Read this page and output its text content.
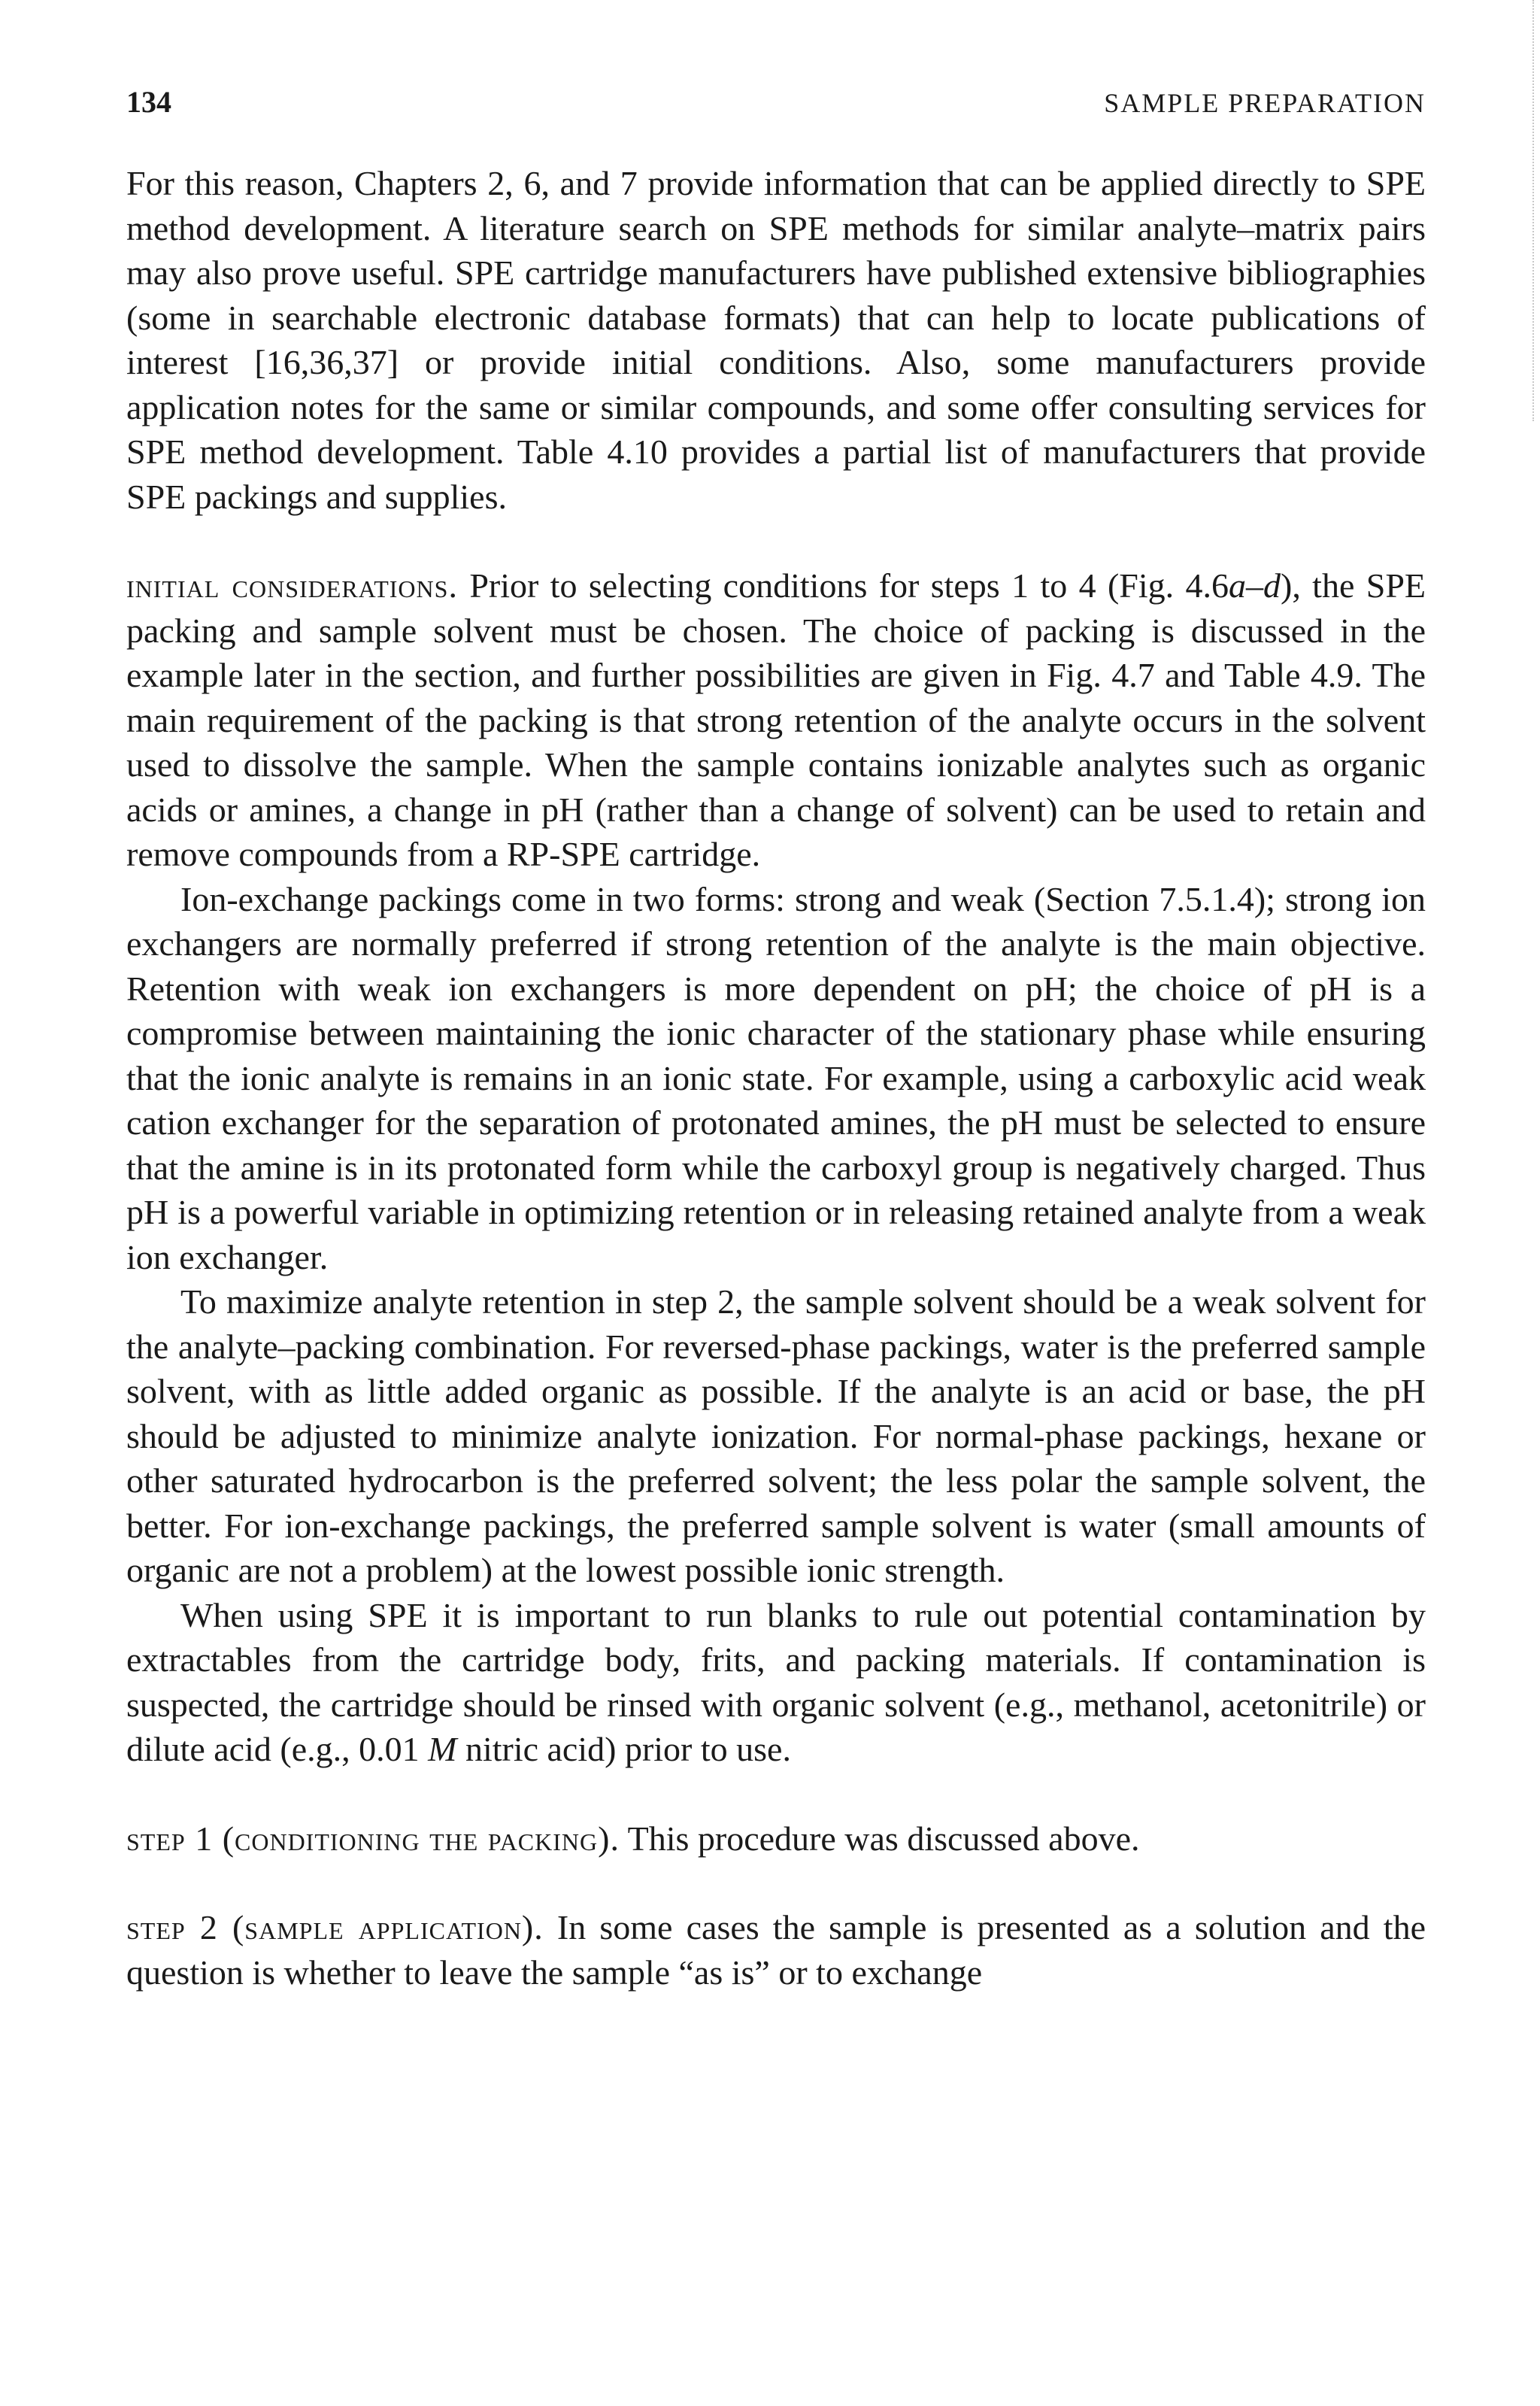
134	SAMPLE PREPARATION

For this reason, Chapters 2, 6, and 7 provide information that can be applied directly to SPE method development. A literature search on SPE methods for similar analyte–matrix pairs may also prove useful. SPE cartridge manufacturers have published extensive bibliographies (some in searchable electronic database formats) that can help to locate publications of interest [16,36,37] or provide initial conditions. Also, some manufacturers provide application notes for the same or similar compounds, and some offer consulting services for SPE method development. Table 4.10 provides a partial list of manufacturers that provide SPE packings and supplies.

initial considerations. Prior to selecting conditions for steps 1 to 4 (Fig. 4.6a–d), the SPE packing and sample solvent must be chosen. The choice of packing is discussed in the example later in the section, and further possibilities are given in Fig. 4.7 and Table 4.9. The main requirement of the packing is that strong retention of the analyte occurs in the solvent used to dissolve the sample. When the sample contains ionizable analytes such as organic acids or amines, a change in pH (rather than a change of solvent) can be used to retain and remove compounds from a RP-SPE cartridge.

Ion-exchange packings come in two forms: strong and weak (Section 7.5.1.4); strong ion exchangers are normally preferred if strong retention of the analyte is the main objective. Retention with weak ion exchangers is more dependent on pH; the choice of pH is a compromise between maintaining the ionic character of the stationary phase while ensuring that the ionic analyte is remains in an ionic state. For example, using a carboxylic acid weak cation exchanger for the separation of protonated amines, the pH must be selected to ensure that the amine is in its protonated form while the carboxyl group is negatively charged. Thus pH is a powerful variable in optimizing retention or in releasing retained analyte from a weak ion exchanger.

To maximize analyte retention in step 2, the sample solvent should be a weak solvent for the analyte–packing combination. For reversed-phase packings, water is the preferred sample solvent, with as little added organic as possible. If the analyte is an acid or base, the pH should be adjusted to minimize analyte ionization. For normal-phase packings, hexane or other saturated hydrocarbon is the preferred solvent; the less polar the sample solvent, the better. For ion-exchange packings, the preferred sample solvent is water (small amounts of organic are not a problem) at the lowest possible ionic strength.

When using SPE it is important to run blanks to rule out potential contamination by extractables from the cartridge body, frits, and packing materials. If contamination is suspected, the cartridge should be rinsed with organic solvent (e.g., methanol, acetonitrile) or dilute acid (e.g., 0.01 M nitric acid) prior to use.

step 1 (conditioning the packing). This procedure was discussed above.

step 2 (sample application). In some cases the sample is presented as a solution and the question is whether to leave the sample “as is” or to exchange
